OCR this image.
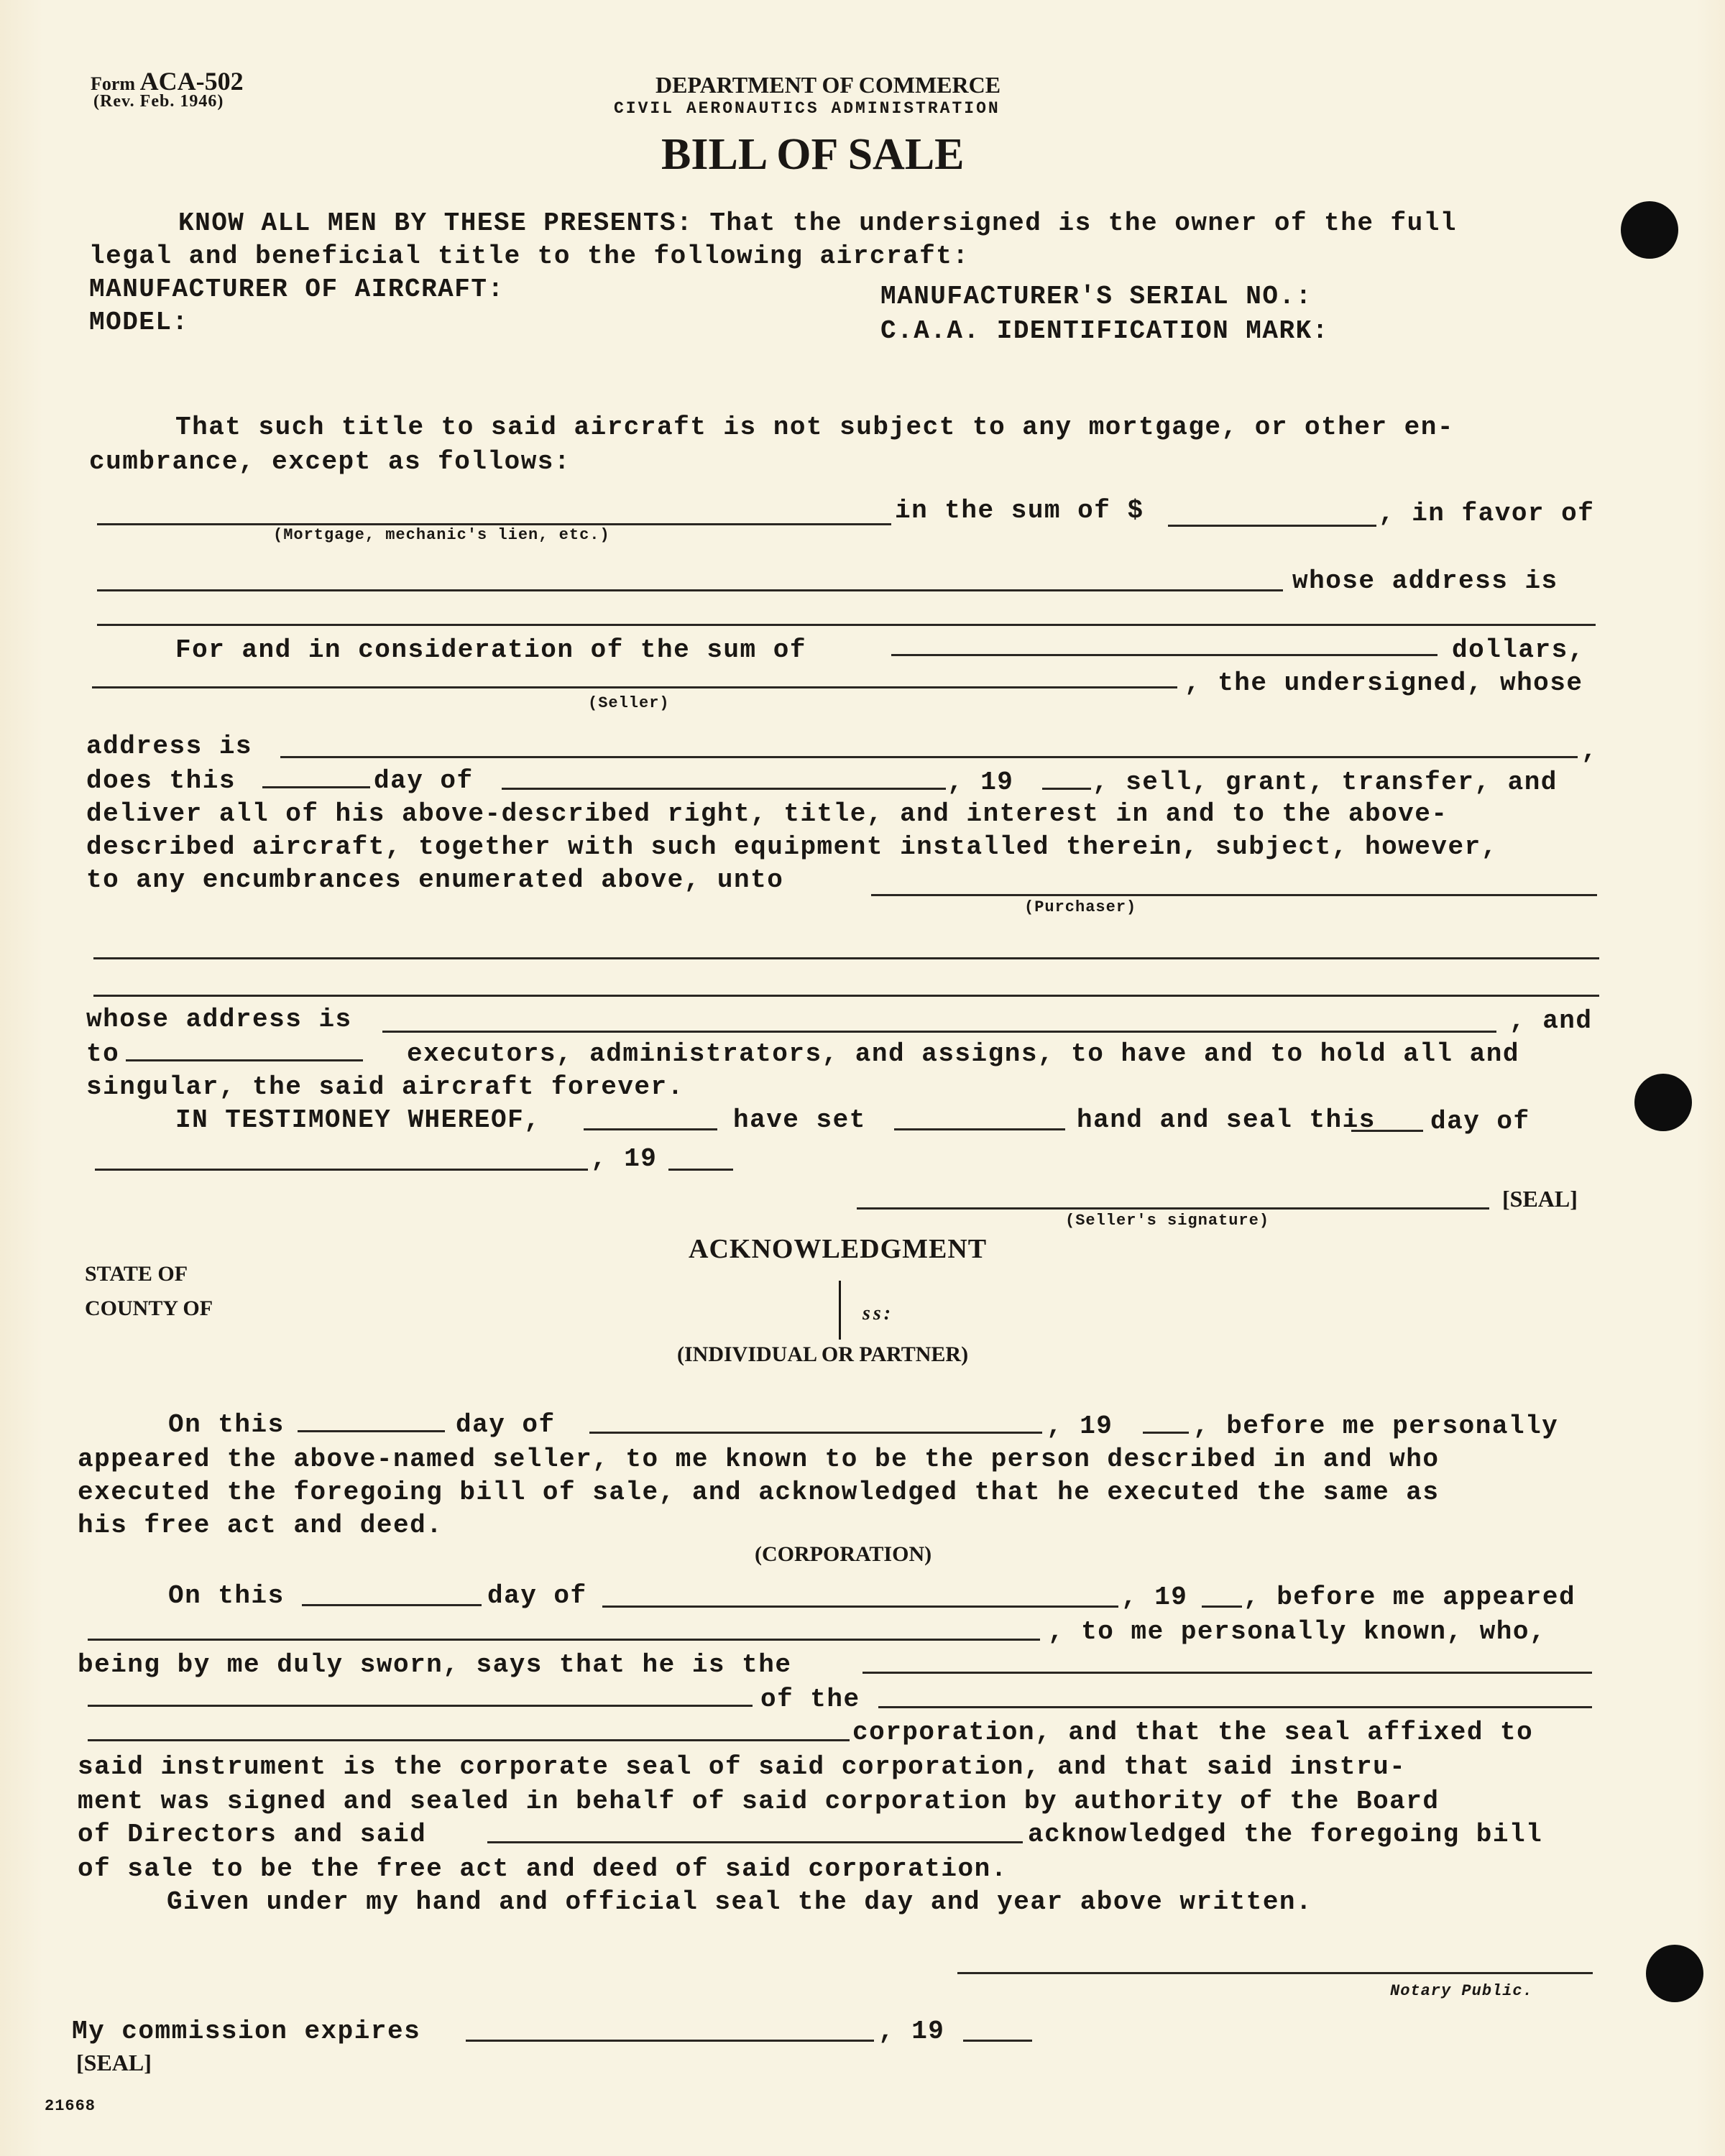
Form ACA-502
(Rev. Feb. 1946)
DEPARTMENT OF COMMERCE
CIVIL AERONAUTICS ADMINISTRATION
BILL OF SALE
KNOW ALL MEN BY THESE PRESENTS: That the undersigned is the owner of the full
legal and beneficial title to the following aircraft:
MANUFACTURER OF AIRCRAFT:	MANUFACTURER'S SERIAL NO.:
MODEL:	C.A.A. IDENTIFICATION MARK:
That such title to said aircraft is not subject to any mortgage, or other en-
cumbrance, except as follows:
in the sum of $	, in favor of
(Mortgage, mechanic's lien, etc.)
whose address is
For and in consideration of the sum of	dollars,
, the undersigned, whose
(Seller)
address is	,
does this	day of	, 19	, sell, grant, transfer, and
deliver all of his above-described right, title, and interest in and to the above-
described aircraft, together with such equipment installed therein, subject, however,
to any encumbrances enumerated above, unto
(Purchaser)
whose address is	, and
to	executors, administrators, and assigns, to have and to hold all and
singular, the said aircraft forever.
IN TESTIMONEY WHEREOF,	have set	hand and seal this day of
, 19
[SEAL]
(Seller's signature)
ACKNOWLEDGMENT
STATE OF
COUNTY OF	ss:
(INDIVIDUAL OR PARTNER)
On this	day of	, 19	, before me personally
appeared the above-named seller, to me known to be the person described in and who
executed the foregoing bill of sale, and acknowledged that he executed the same as
his free act and deed.
(CORPORATION)
On this	day of	, 19 , before me appeared
, to me personally known, who,
being by me duly sworn, says that he is the
of the
corporation, and that the seal affixed to
said instrument is the corporate seal of said corporation, and that said instru-
ment was signed and sealed in behalf of said corporation by authority of the Board
of Directors and said	acknowledged the foregoing bill
of sale to be the free act and deed of said corporation.
Given under my hand and official seal the day and year above written.
Notary Public.
My commission expires	, 19
[SEAL]
21668
